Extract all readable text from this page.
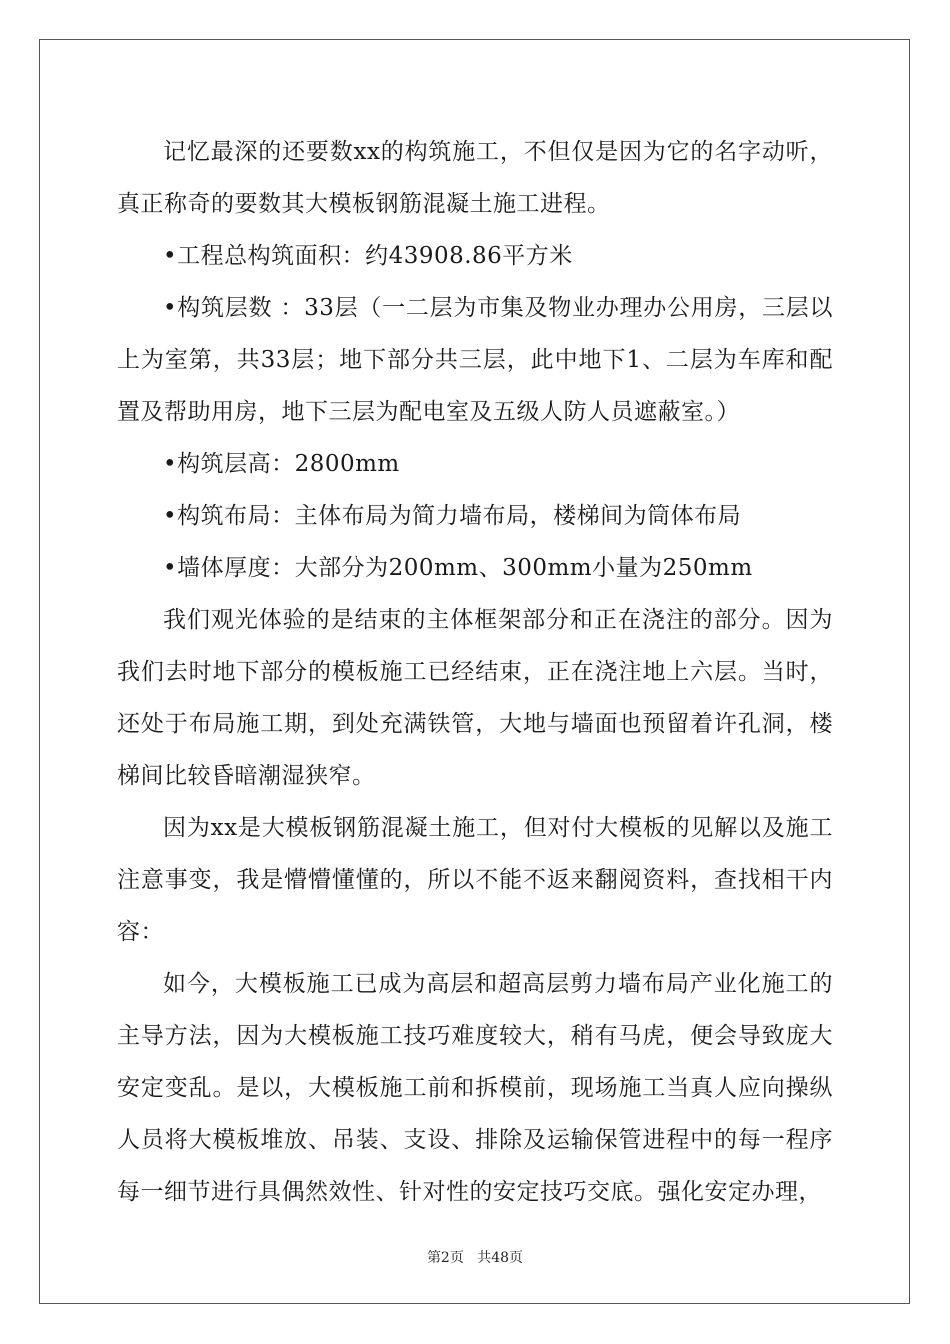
记忆最深的还要数xx的构筑施工，不但仅是因为它的名字动听，真正称奇的要数其大模板钢筋混凝土施工进程。

•工程总构筑面积：约43908.86平方米

•构筑层数 ：33层（一二层为市集及物业办理办公用房，三层以上为室第，共33层；地下部分共三层，此中地下1、二层为车库和配置及帮助用房，地下三层为配电室及五级人防人员遮蔽室。）

•构筑层高：2800mm

•构筑布局：主体布局为简力墙布局，楼梯间为筒体布局

•墙体厚度：大部分为200mm、300mm小量为250mm

我们观光体验的是结束的主体框架部分和正在浇注的部分。因为我们去时地下部分的模板施工已经结束，正在浇注地上六层。当时，还处于布局施工期，到处充满铁管，大地与墙面也预留着许孔洞，楼梯间比较昏暗潮湿狭窄。

因为xx是大模板钢筋混凝土施工，但对付大模板的见解以及施工注意事变，我是懵懵懂懂的，所以不能不返来翻阅资料，查找相干内容：

如今，大模板施工已成为高层和超高层剪力墙布局产业化施工的主导方法，因为大模板施工技巧难度较大，稍有马虎，便会导致庞大安定变乱。是以，大模板施工前和拆模前，现场施工当真人应向操纵人员将大模板堆放、吊装、支设、排除及运输保管进程中的每一程序每一细节进行具偶然效性、针对性的安定技巧交底。强化安定办理，

第2页 共48页
